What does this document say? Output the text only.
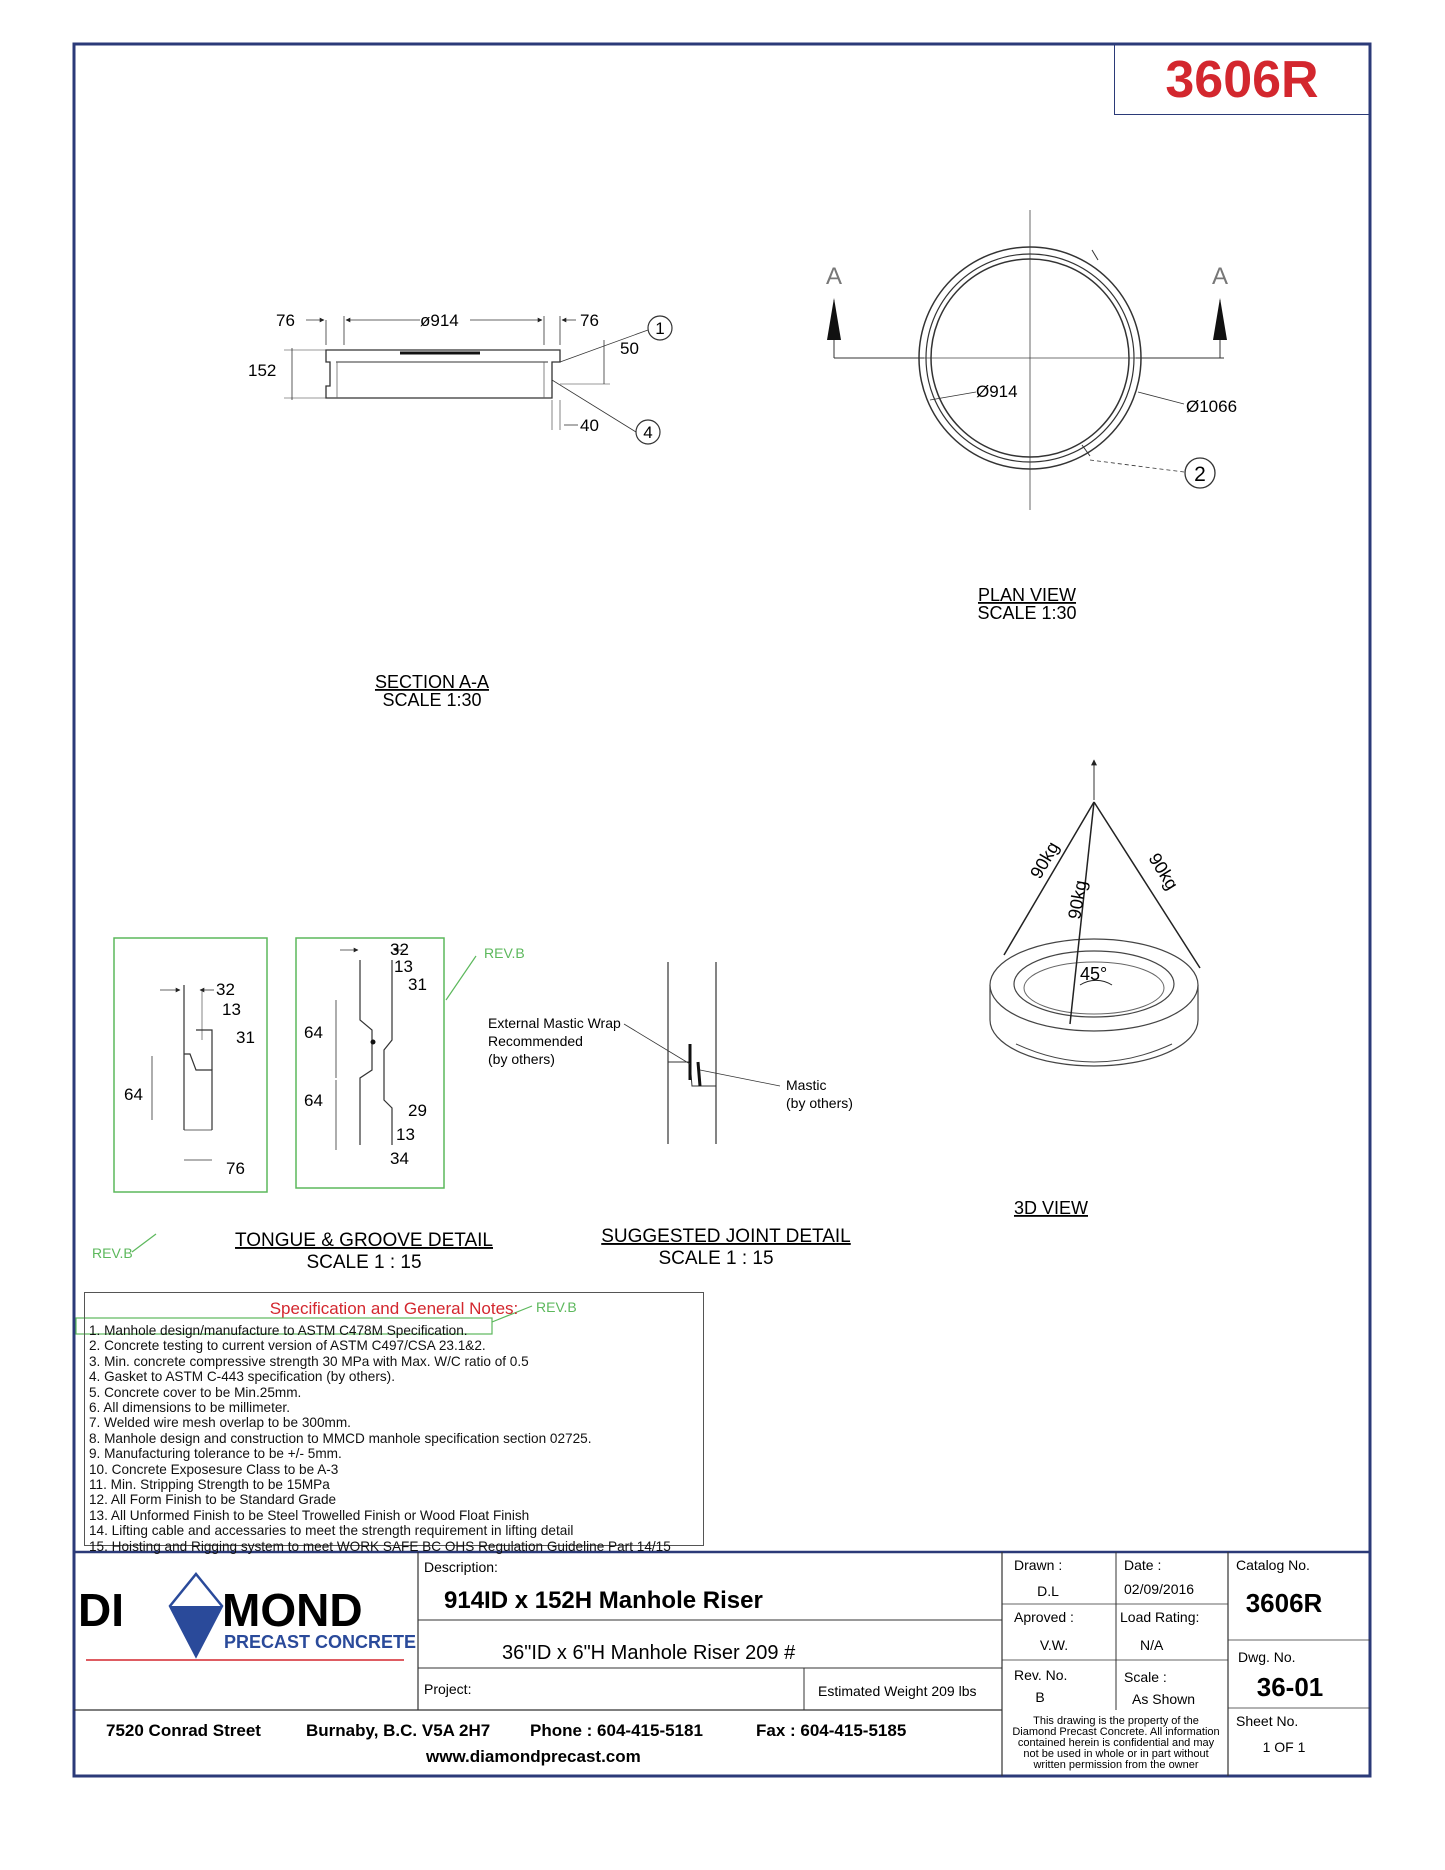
1
4
76	ø914	76
152
50
40
SECTION A-A
SCALE 1:30
A	A
Ø914
Ø1066
2
PLAN VIEW
SCALE 1:30
90kg
90kg
90kg
45°
3D VIEW
32
13
31
64
76
32
13
31
64
64
29
13
34
REV.B
REV.B
TONGUE & GROOVE DETAIL
SCALE 1 : 15
External Mastic Wrap
Recommended
(by others)
Mastic
(by others)
SUGGESTED JOINT DETAIL
SCALE 1 : 15
DI MOND
PRECAST CONCRETE
Description:
914ID x 152H Manhole Riser
36"ID x 6"H Manhole Riser 209 #
Project:	Estimated Weight 209 lbs
Drawn :
D.L
Date :
02/09/2016
Aproved :
V.W.
Load Rating:
N/A
Rev. No.
B
Scale :
As Shown
Catalog No.
3606R
Dwg. No.
36-01
Sheet No.
1 OF 1
This drawing is the property of the
Diamond Precast Concrete. All information
contained herein is confidential and may
not be used in whole or in part without
written permission from the owner
7520 Conrad Street	Burnaby, B.C. V5A 2H7 Phone : 604-415-5181	Fax : 604-415-5185
www.diamondprecast.com
REV.B
3606R
Specification and General Notes:
1. Manhole design/manufacture to ASTM C478M Specification.
2. Concrete testing to current version of ASTM C497/CSA 23.1&2.
3. Min. concrete compressive strength 30 MPa with Max. W/C ratio of 0.5
4. Gasket to ASTM C-443 specification (by others).
5. Concrete cover to be Min.25mm.
6. All dimensions to be millimeter.
7. Welded wire mesh overlap to be 300mm.
8. Manhole design and construction to MMCD manhole specification section 02725.
9. Manufacturing tolerance to be +/- 5mm.
10. Concrete Exposesure Class to be A-3
11. Min. Stripping Strength to be 15MPa
12. All Form Finish to be Standard Grade
13. All Unformed Finish to be Steel Trowelled Finish or Wood Float Finish
14. Lifting cable and accessaries to meet the strength requirement in lifting detail
15. Hoisting and Rigging system to meet WORK SAFE BC OHS Regulation Guideline Part 14/15
